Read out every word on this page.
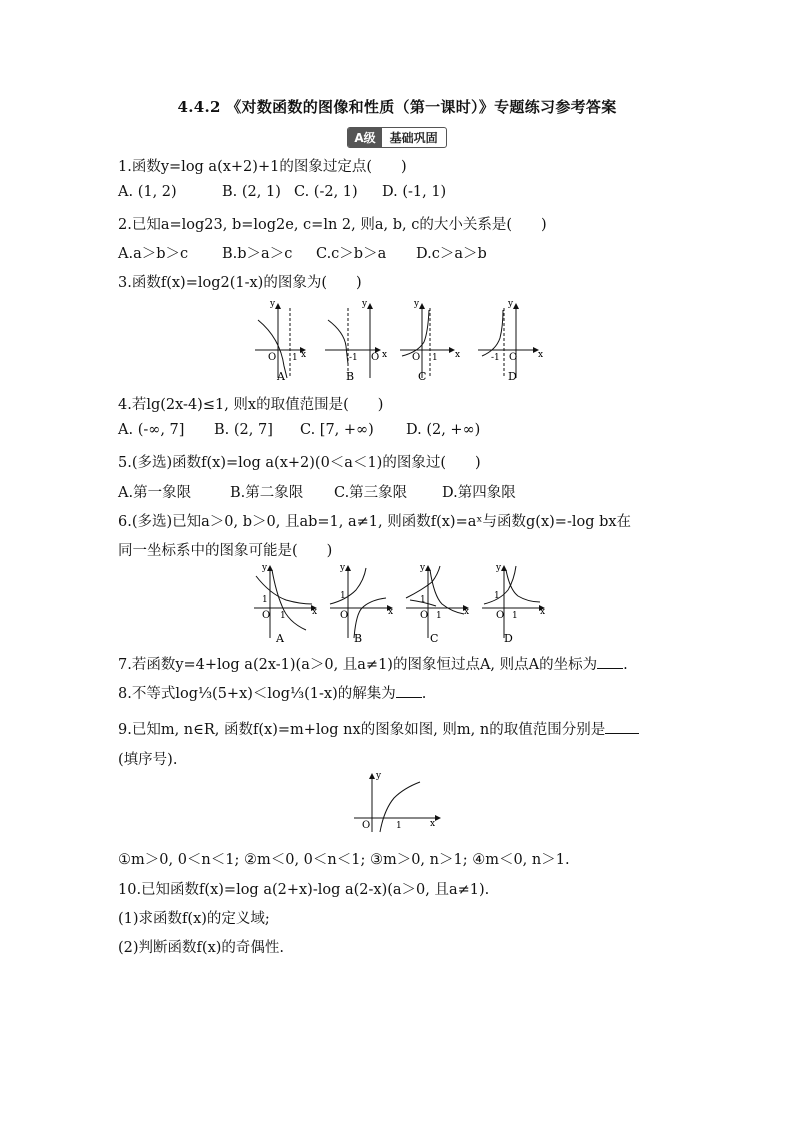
4.4.2 《对数函数的图像和性质（第一课时）》专题练习参考答案
A级	基础巩固
1.函数y=log a(x+2)+1的图象过定点(　　)
A. (1, 2)	B. (2, 1) C. (-2, 1) D. (-1, 1)
2.已知a=log23, b=log2e, c=ln 2, 则a, b, c的大小关系是(　　)
A.a＞b＞c B.b＞a＞c C.c＞b＞a D.c＞a＞b
3.函数f(x)=log2(1-x)的图象为(　　)
y
O 1 x
A
y
-1 O x
B
y
O 1 x
C
y
-1 O x
D
4.若lg(2x-4)≤1, 则x的取值范围是(　　)
A. (-∞, 7] B. (2, 7] C. [7, +∞) D. (2, +∞)
5.(多选)函数f(x)=log a(x+2)(0＜a＜1)的图象过(　　)
A.第一象限	B.第二象限 C.第三象限 D.第四象限
6.(多选)已知a＞0, b＞0, 且ab=1, a≠1, 则函数f(x)=aˣ与函数g(x)=-log bx在
同一坐标系中的图象可能是(　　)
y
1
O 1	x
A
y
1
O	x
B
y
1
O 1 x
C
y
1
O 1 x
D
7.若函数y=4+log a(2x-1)(a＞0, 且a≠1)的图象恒过点A, 则点A的坐标为 .
8.不等式log⅓(5+x)＜log⅓(1-x)的解集为 .
9.已知m, n∈R, 函数f(x)=m+log nx的图象如图, 则m, n的取值范围分别是
(填序号).
y
O	1	x
①m＞0, 0＜n＜1; ②m＜0, 0＜n＜1; ③m＞0, n＞1; ④m＜0, n＞1.
10.已知函数f(x)=log a(2+x)-log a(2-x)(a＞0, 且a≠1).
(1)求函数f(x)的定义域;
(2)判断函数f(x)的奇偶性.
